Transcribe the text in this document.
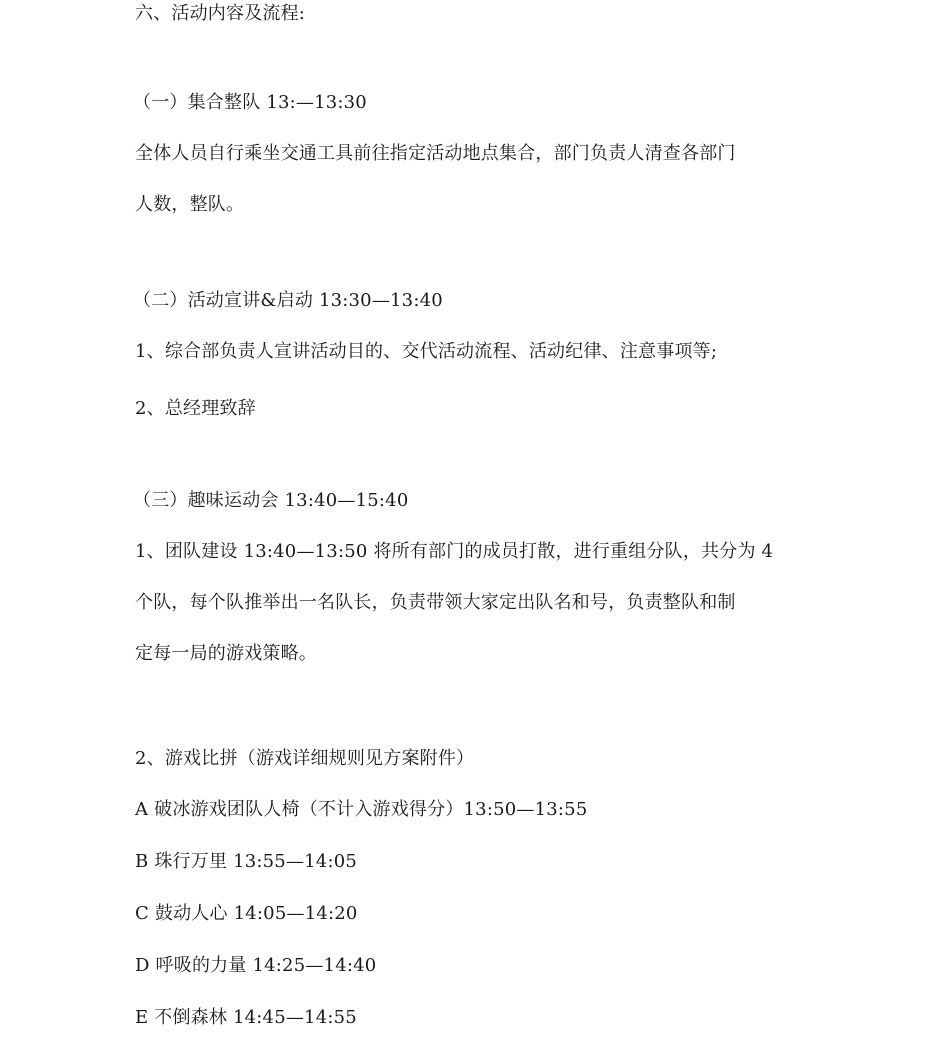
六、活动内容及流程:
（一）集合整队 13:—13:30
全体人员自行乘坐交通工具前往指定活动地点集合，部门负责人清查各部门
人数，整队。
（二）活动宣讲&启动 13:30—13:40
1、综合部负责人宣讲活动目的、交代活动流程、活动纪律、注意事项等;
2、总经理致辞
（三）趣味运动会 13:40—15:40
1、团队建设 13:40—13:50 将所有部门的成员打散，进行重组分队，共分为 4
个队，每个队推举出一名队长，负责带领大家定出队名和号，负责整队和制
定每一局的游戏策略。
2、游戏比拼（游戏详细规则见方案附件）
A 破冰游戏团队人椅（不计入游戏得分）13:50—13:55
B 珠行万里 13:55—14:05
C 鼓动人心 14:05—14:20
D 呼吸的力量 14:25—14:40
E 不倒森林 14:45—14:55
